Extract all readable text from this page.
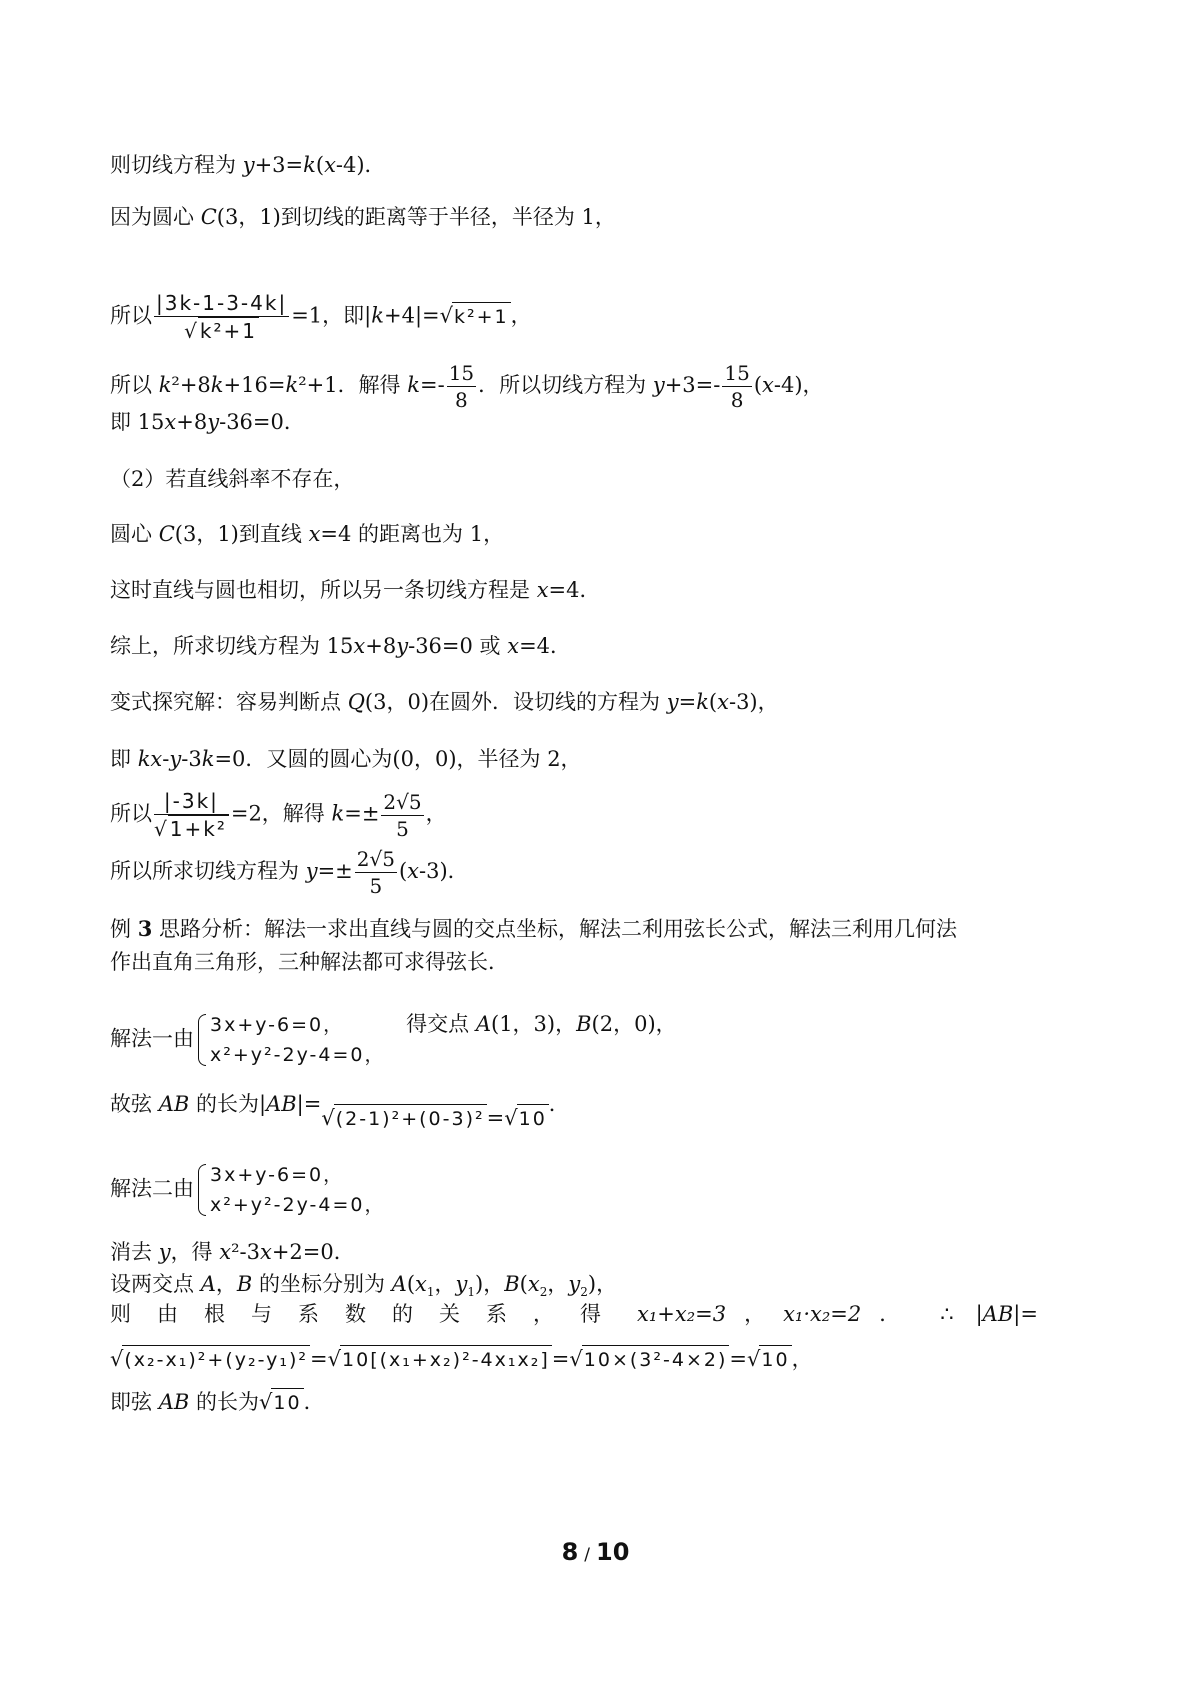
则切线方程为 y+3=k(x-4)．
因为圆心 C(3，1)到切线的距离等于半径，半径为 1，
所以 $\frac{|3k-1-3-4k|}{\text{√k²+1}} =1$，即|k+4|=√k²+1，
所以 k²+8k+16=k²+1．解得 $k=- \frac{15}{8}$ ．所以切线方程为 $y+3=- \frac{15}{8} (x-4)$，
即 15x+8y-36=0．
（2）若直线斜率不存在，
圆心 C(3，1)到直线 x=4 的距离也为 1，
这时直线与圆也相切，所以另一条切线方程是 x=4．
综上，所求切线方程为 15x+8y-36=0 或 x=4．
变式探究解：容易判断点 Q(3，0)在圆外．设切线的方程为 y=k(x-3)，
即 kx-y-3k=0．又圆的圆心为(0，0)，半径为 2，
所以 $\frac{|-3k|}{\text{√1+k²}} =2$，解得 $k=\pm \frac{2√5}{5}$ ，
所以所求切线方程为 $y=\pm \frac{2√5}{5} (x-3)$．
例 3 思路分析：解法一求出直线与圆的交点坐标，解法二利用弦长公式，解法三利用几何法
作出直角三角形，三种解法都可求得弦长．
解法一由
3x+y-6=0，
x²+y²-2y-4=0，
得交点 A(1，3)，B(2，0)，
故弦 AB 的长为|AB|=√(2-1)²+(0-3)²=√10．
解法二由
3x+y-6=0，
x²+y²-2y-4=0，
消去 y，得 x²-3x+2=0．
设两交点 A，B 的坐标分别为 $A(x_1$，$y_1$)，$B(x_2$，$y_2$)，
则由根与系数的关系，得 x₁+x₂=3 ， x₁·x₂=2 ． ∴ |AB|=
√(x₂-x₁)²+(y₂-y₁)²=√10[(x₁+x₂)²-4x₁x₂]=√10×(3²-4×2)=√10，
即弦 AB 的长为√10．
8 / 10
